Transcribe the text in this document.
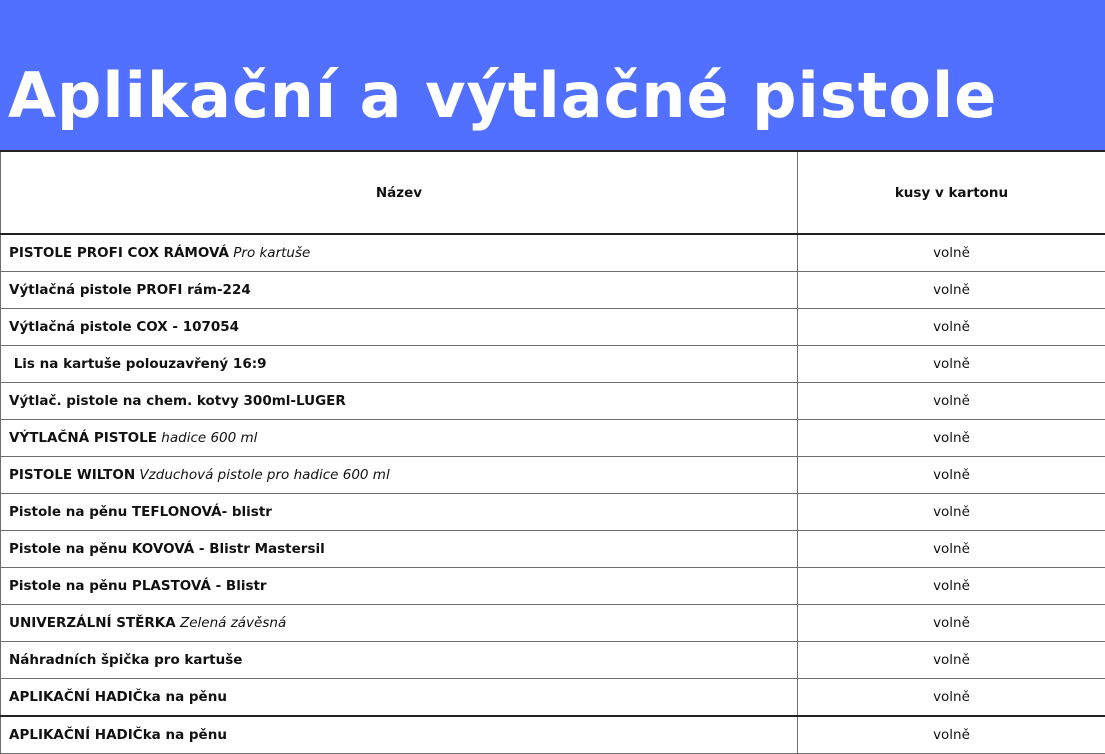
Aplikační a výtlačné pistole
Název	kusy v kartonu
PISTOLE PROFI COX RÁMOVÁ Pro kartuše	volně
Výtlačná pistole PROFI rám-224	volně
Výtlačná pistole COX - 107054	volně
Lis na kartuše polouzavřený 16:9	volně
Výtlač. pistole na chem. kotvy 300ml-LUGER	volně
VÝTLAČNÁ PISTOLE hadice 600 ml	volně
PISTOLE WILTON Vzduchová pistole pro hadice 600 ml	volně
Pistole na pěnu TEFLONOVÁ- blistr	volně
Pistole na pěnu KOVOVÁ - Blistr Mastersil	volně
Pistole na pěnu PLASTOVÁ - Blistr	volně
UNIVERZÁLNÍ STĚRKA Zelená závěsná	volně
Náhradních špička pro kartuše	volně
APLIKAČNÍ HADIČka na pěnu	volně
APLIKAČNÍ HADIČka na pěnu	volně
